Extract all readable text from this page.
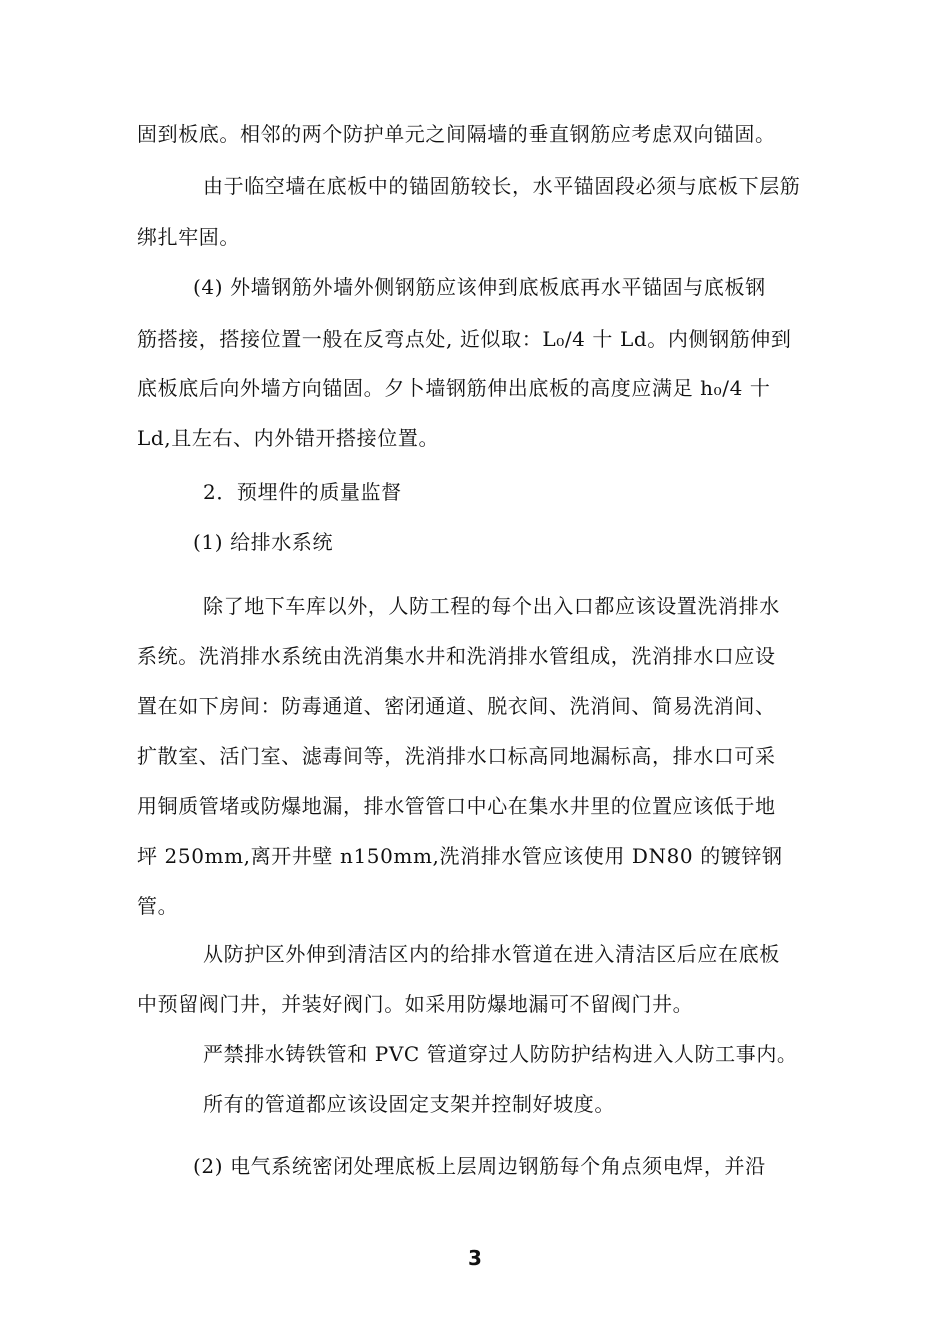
固到板底。相邻的两个防护单元之间隔墙的垂直钢筋应考虑双向锚固。
由于临空墙在底板中的锚固筋较长，水平锚固段必须与底板下层筋
绑扎牢固。
(4) 外墙钢筋外墙外侧钢筋应该伸到底板底再水平锚固与底板钢
筋搭接，搭接位置一般在反弯点处, 近似取：L₀/4 十 Ld。内侧钢筋伸到
底板底后向外墙方向锚固。夕卜墙钢筋伸出底板的高度应满足 h₀/4 十
Ld,且左右、内外错开搭接位置。
2．预埋件的质量监督
(1) 给排水系统
除了地下车库以外，人防工程的每个出入口都应该设置洗消排水
系统。洗消排水系统由洗消集水井和洗消排水管组成，洗消排水口应设
置在如下房间：防毒通道、密闭通道、脱衣间、洗消间、简易洗消间、
扩散室、活门室、滤毒间等，洗消排水口标高同地漏标高，排水口可采
用铜质管堵或防爆地漏，排水管管口中心在集水井里的位置应该低于地
坪 250mm,离开井壁 n150mm,洗消排水管应该使用 DN80 的镀锌钢
管。
从防护区外伸到清洁区内的给排水管道在进入清洁区后应在底板
中预留阀门井，并装好阀门。如采用防爆地漏可不留阀门井。
严禁排水铸铁管和 PVC 管道穿过人防防护结构进入人防工事内。
所有的管道都应该设固定支架并控制好坡度。
(2) 电气系统密闭处理底板上层周边钢筋每个角点须电焊，并沿
3
